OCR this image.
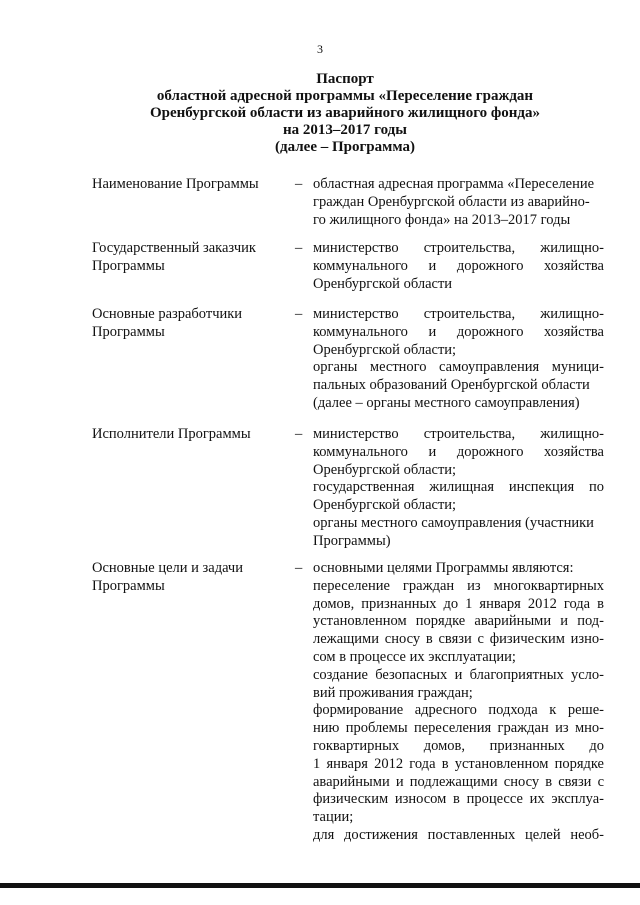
3
Паспорт
областной адресной программы «Переселение граждан
Оренбургской области из аварийного жилищного фонда»
на 2013–2017 годы
(далее – Программа)
Наименование Программы	– областная адресная программа «Переселение
граждан Оренбургской области из аварийно-
го жилищного фонда» на 2013–2017 годы
Государственный заказчик
Программы
– министерство строительства, жилищно-
коммунального и дорожного хозяйства
Оренбургской области
Основные разработчики
Программы
– министерство строительства, жилищно-
коммунального и дорожного хозяйства
Оренбургской области;
органы местного самоуправления муници-
пальных образований Оренбургской области
(далее – органы местного самоуправления)
Исполнители Программы	– министерство строительства, жилищно-
коммунального и дорожного хозяйства
Оренбургской области;
государственная жилищная инспекция по
Оренбургской области;
органы местного самоуправления (участники
Программы)
Основные цели и задачи
Программы
– основными целями Программы являются:
переселение граждан из многоквартирных
домов, признанных до 1 января 2012 года в
установленном порядке аварийными и под-
лежащими сносу в связи с физическим изно-
сом в процессе их эксплуатации;
создание безопасных и благоприятных усло-
вий проживания граждан;
формирование адресного подхода к реше-
нию проблемы переселения граждан из мно-
гоквартирных домов, признанных до
1 января 2012 года в установленном порядке
аварийными и подлежащими сносу в связи с
физическим износом в процессе их эксплуа-
тации;
для достижения поставленных целей необ-
